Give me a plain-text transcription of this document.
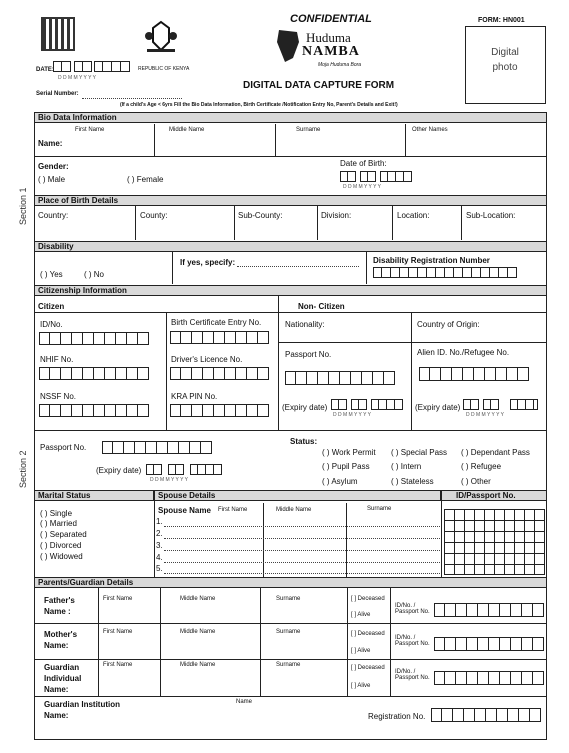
REPUBLIC OF KENYA
CONFIDENTIAL
Huduma
NAMBA
Moja Huduma Bora
FORM: HN001
Digital photo
DATE:
D D M M Y Y Y Y
Serial Number:
DIGITAL DATA CAPTURE FORM
(If a child's Age < 6yrs Fill the Bio Data Information, Birth Certificate /Notification Entry No, Parent's Details and Exit!)
Section 1
Section 2
Bio Data Information
First Name	Middle Name	Surname	Other Names
Name:
Gender:
( ) Male	( ) Female
Date of Birth:
D D M M Y Y Y Y
Place of Birth Details
Country:	County:	Sub-County:	Division:	Location:	Sub-Location:
Disability
( ) Yes	( ) No
If yes, specify:	Disability Registration Number
Citizenship Information
Citizen	Non- Citizen
ID/No.	Birth Certificate Entry No.
NHIF No.	Driver's Licence No.
NSSF No.	KRA PIN No.
Nationality:	Country of Origin:
Passport No.	Alien ID. No./Refugee No.
(Expiry date)
D D M M Y Y Y Y
(Expiry date)
D D M M Y Y Y Y
Passport No.
(Expiry date)
D D M M Y Y Y Y
Status:
( ) Work Permit ( ) Special Pass ( ) Dependant Pass
( ) Pupil Pass	( ) Intern	( ) Refugee
( ) Asylum	( ) Stateless	( ) Other
Marital Status	Spouse Details	ID/Passport No.
( ) Single
( ) Married
( ) Separated
( ) Divorced
( ) Widowed
Spouse Name First Name	Middle Name	Surname
1.
2.
3.
4.
5.
Parents/Guardian Details
Father's Name :
First Name	Middle Name	Surname	[ ] Deceased
[ ] Alive
ID/No. / Passport No.
Mother's Name:
First Name	Middle Name	Surname	[ ] Deceased
[ ] Alive
ID/No. / Passport No.
Guardian Individual Name:
First Name	Middle Name	Surname	[ ] Deceased
[ ] Alive
ID/No. / Passport No.
Guardian Institution Name:
Name
Registration No.
